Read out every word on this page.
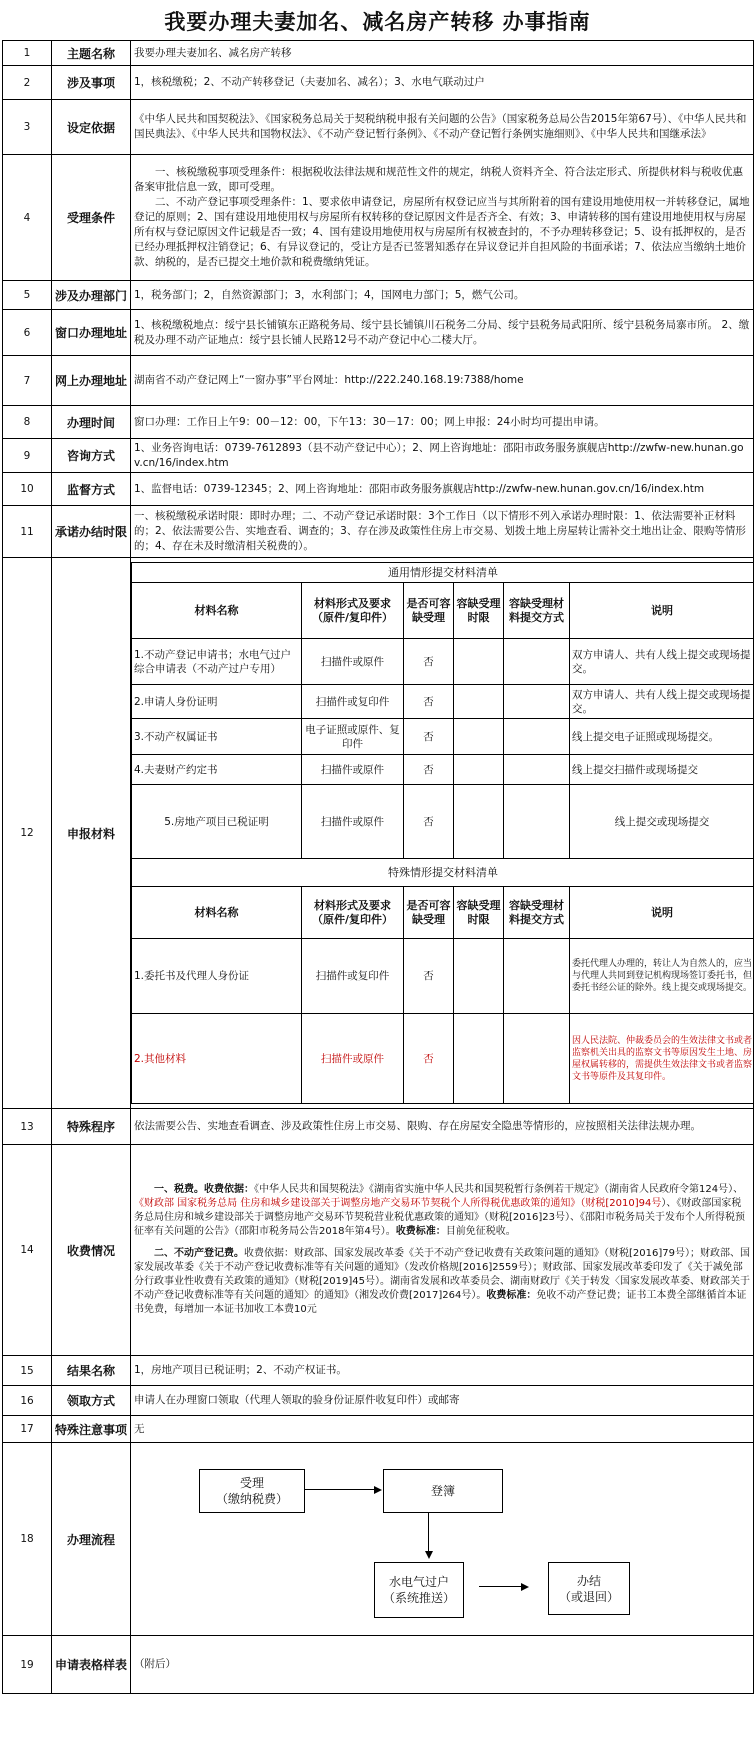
我要办理夫妻加名、减名房产转移 办事指南
1	主题名称	我要办理夫妻加名、减名房产转移
2	涉及事项	1，核税缴税；2、不动产转移登记（夫妻加名、减名）；3、水电气联动过户
3	设定依据	《中华人民共和国契税法》、《国家税务总局关于契税纳税申报有关问题的公告》（国家税务总局公告2015年第67号）、《中华人民共和国民典法》、《中华人民共和国物权法》、《不动产登记暂行条例》、《不动产登记暂行条例实施细则》、《中华人民共和国继承法》
4	受理条件	

一、核税缴税事项受理条件：根据税收法律法规和规范性文件的规定，纳税人资料齐全、符合法定形式、所提供材料与税收优惠备案审批信息一致，即可受理。

二、不动产登记事项受理条件：1、要求依申请登记，房屋所有权登记应当与其所附着的国有建设用地使用权一并转移登记，属地登记的原则；2、国有建设用地使用权与房屋所有权转移的登记原因文件是否齐全、有效；3、申请转移的国有建设用地使用权与房屋所有权与登记原因文件记载是否一致；4、国有建设用地使用权与房屋所有权被查封的，不予办理转移登记；5、设有抵押权的，是否已经办理抵押权注销登记；6、有异议登记的，受让方是否已签署知悉存在异议登记并自担风险的书面承诺；7、依法应当缴纳土地价款、纳税的，是否已提交土地价款和税费缴纳凭证。

5	涉及办理部门	1，税务部门；2，自然资源部门；3，水利部门；4，国网电力部门；5，燃气公司。
6	窗口办理地址	1、核税缴税地点：绥宁县长铺镇东正路税务局、绥宁县长铺镇川石税务二分局、绥宁县税务局武阳所、绥宁县税务局寨市所。 2、缴税及办理不动产证地点：绥宁县长铺人民路12号不动产登记中心二楼大厅。
7	网上办理地址	湖南省不动产登记网上“一窗办事”平台网址：http://222.240.168.19:7388/home
8	办理时间	窗口办理：工作日上午9：00－12：00，下午13：30－17：00；网上申报：24小时均可提出申请。
9	咨询方式	1、业务咨询电话：0739-7612893（县不动产登记中心）；2、网上咨询地址：邵阳市政务服务旗舰店http://zwfw-new.hunan.gov.cn/16/index.htm
10	监督方式	1、监督电话：0739-12345；2、网上咨询地址：邵阳市政务服务旗舰店http://zwfw-new.hunan.gov.cn/16/index.htm
11	承诺办结时限	一、核税缴税承诺时限：即时办理；二、不动产登记承诺时限：3个工作日（以下情形不列入承诺办理时限：1、依法需要补正材料的；2、依法需要公告、实地查看、调查的；3、存在涉及政策性住房上市交易、划拨土地上房屋转让需补交土地出让金、限购等情形的；4、存在未及时缴清相关税费的）。
12	申报材料	
通用情形提交材料清单
材料名称	材料形式及要求（原件/复印件）	是否可容缺受理	容缺受理时限	容缺受理材料提交方式	说明
1.不动产登记申请书；水电气过户综合申请表（不动产过户专用）	扫描件或原件	否			双方申请人、共有人线上提交或现场提交。
2.申请人身份证明	扫描件或复印件	否			双方申请人、共有人线上提交或现场提交。
3.不动产权属证书	电子证照或原件、复印件	否			线上提交电子证照或现场提交。
4.夫妻财产约定书	扫描件或原件	否			线上提交扫描件或现场提交
5.房地产项目已税证明	扫描件或原件	否			线上提交或现场提交
特殊情形提交材料清单
材料名称	材料形式及要求（原件/复印件）	是否可容缺受理	容缺受理时限	容缺受理材料提交方式	说明
1.委托书及代理人身份证	扫描件或复印件	否			委托代理人办理的，转让人为自然人的，应当与代理人共同到登记机构现场签订委托书，但委托书经公证的除外。线上提交或现场提交。
2.其他材料	扫描件或原件	否			因人民法院、仲裁委员会的生效法律文书或者监察机关出具的监察文书等原因发生土地、房屋权属转移的，需提供生效法律文书或者监察文书等原件及其复印件。

13	特殊程序	依法需要公告、实地查看调查、涉及政策性住房上市交易、限购、存在房屋安全隐患等情形的，应按照相关法律法规办理。
14	收费情况	

一、税费。收费依据：《中华人民共和国契税法》《湖南省实施中华人民共和国契税暂行条例若干规定》（湖南省人民政府令第124号）、《财政部 国家税务总局 住房和城乡建设部关于调整房地产交易环节契税个人所得税优惠政策的通知》（财税[2010]94号）、《财政部国家税务总局住房和城乡建设部关于调整房地产交易环节契税营业税优惠政策的通知》（财税[2016]23号）、《邵阳市税务局关于发布个人所得税预征率有关问题的公告》（邵阳市税务局公告2018年第4号）。收费标准：目前免征税收。

二、不动产登记费。收费依据：财政部、国家发展改革委《关于不动产登记收费有关政策问题的通知》（财税[2016]79号）；财政部、国家发展改革委《关于不动产登记收费标准等有关问题的通知》（发改价格规[2016]2559号）；财政部、国家发展改革委印发了《关于减免部分行政事业性收费有关政策的通知》（财税[2019]45号）。湖南省发展和改革委员会、湖南财政厅《关于转发〈国家发展改革委、财政部关于不动产登记收费标准等有关问题的通知〉的通知》（湘发改价费[2017]264号）。收费标准：免收不动产登记费；证书工本费全部继循首本证书免费，每增加一本证书加收工本费10元

15	结果名称	1，房地产项目已税证明；2、不动产权证书。
16	领取方式	申请人在办理窗口领取（代理人领取的验身份证原件收复印件）或邮寄
17	特殊注意事项	无
18	办理流程	
受理
（缴纳税费）
登簿
水电气过户
（系统推送）
办结
（或退回）

19	申请表格样表	（附后）
